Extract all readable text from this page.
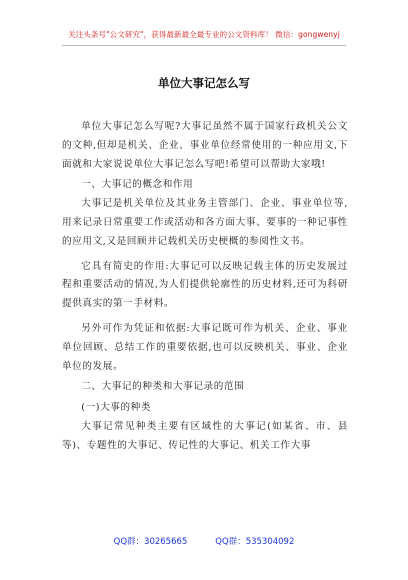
关注头条号"公文研究"，获得最新最全最专业的公文资料库！ 微信：gongwenyj
单位大事记怎么写

单位大事记怎么写呢?大事记虽然不属于国家行政机关公文的文种,但却是机关、企业、事业单位经常使用的一种应用文,下面就和大家说说单位大事记怎么写吧!希望可以帮助大家哦!

一、大事记的概念和作用

大事记是机关单位及其业务主管部门、企业、事业单位等,用来记录日常重要工作或活动和各方面大事、要事的一种记事性的应用文,又是回顾并记载机关历史梗概的参阅性文书。

它具有简史的作用:大事记可以反映记载主体的历史发展过程和重要活动的情况,为人们提供轮廓性的历史材料,还可为科研提供真实的第一手材料。

另外可作为凭证和依据:大事记既可作为机关、企业、事业单位回顾、总结工作的重要依据,也可以反映机关、事业、企业单位的发展。

二、大事记的种类和大事记录的范围

(一)大事的种类

大事记常见种类主要有区域性的大事记(如某省、市、县等)、专题性的大事记、传记性的大事记、机关工作大事

QQ群：30265665	QQ群：535304092
